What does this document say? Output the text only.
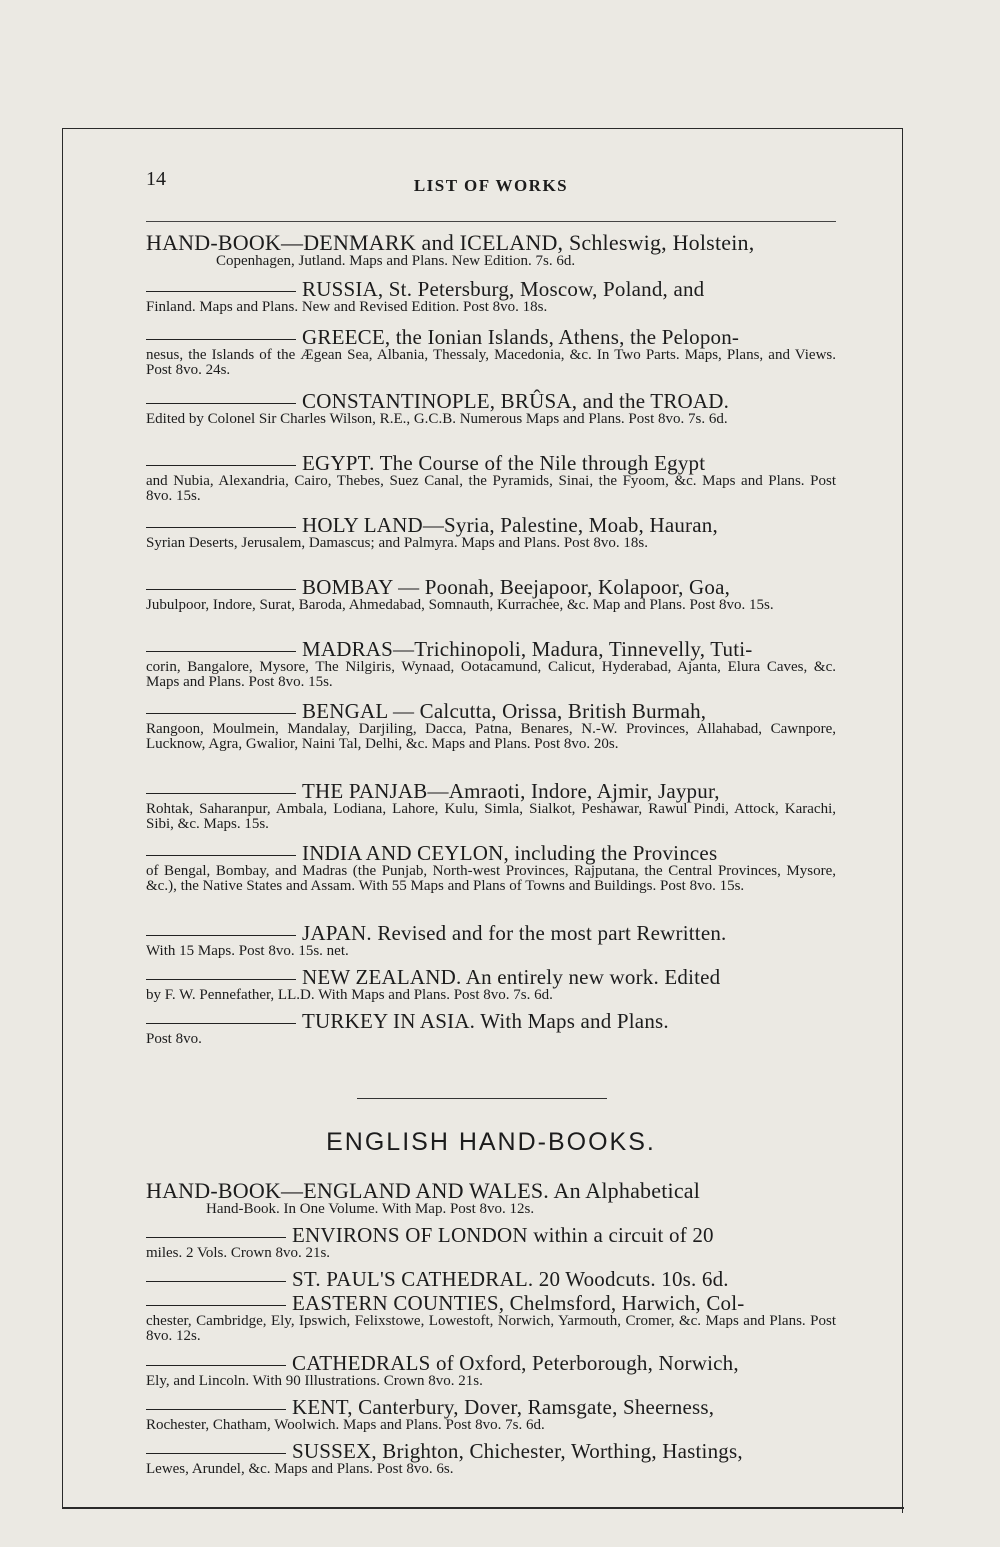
14	LIST OF WORKS
HAND-BOOK—DENMARK and ICELAND, Schleswig, Holstein,
Copenhagen, Jutland. Maps and Plans. New Edition. 7s. 6d.
RUSSIA, St. Petersburg, Moscow, Poland, and
Finland. Maps and Plans. New and Revised Edition. Post 8vo. 18s.
GREECE, the Ionian Islands, Athens, the Pelopon-
nesus, the Islands of the Ægean Sea, Albania, Thessaly, Macedonia, &c. In Two Parts. Maps, Plans, and Views. Post 8vo. 24s.
CONSTANTINOPLE, BRÛSA, and the TROAD.
Edited by Colonel Sir Charles Wilson, R.E., G.C.B. Numerous Maps and Plans. Post 8vo. 7s. 6d.
EGYPT. The Course of the Nile through Egypt
and Nubia, Alexandria, Cairo, Thebes, Suez Canal, the Pyramids, Sinai, the Fyoom, &c. Maps and Plans. Post 8vo. 15s.
HOLY LAND—Syria, Palestine, Moab, Hauran,
Syrian Deserts, Jerusalem, Damascus; and Palmyra. Maps and Plans. Post 8vo. 18s.
BOMBAY — Poonah, Beejapoor, Kolapoor, Goa,
Jubulpoor, Indore, Surat, Baroda, Ahmedabad, Somnauth, Kurrachee, &c. Map and Plans. Post 8vo. 15s.
MADRAS—Trichinopoli, Madura, Tinnevelly, Tuti-
corin, Bangalore, Mysore, The Nilgiris, Wynaad, Ootacamund, Calicut, Hyderabad, Ajanta, Elura Caves, &c. Maps and Plans. Post 8vo. 15s.
BENGAL — Calcutta, Orissa, British Burmah,
Rangoon, Moulmein, Mandalay, Darjiling, Dacca, Patna, Benares, N.-W. Provinces, Allahabad, Cawnpore, Lucknow, Agra, Gwalior, Naini Tal, Delhi, &c. Maps and Plans. Post 8vo. 20s.
THE PANJAB—Amraoti, Indore, Ajmir, Jaypur,
Rohtak, Saharanpur, Ambala, Lodiana, Lahore, Kulu, Simla, Sialkot, Peshawar, Rawul Pindi, Attock, Karachi, Sibi, &c. Maps. 15s.
INDIA AND CEYLON, including the Provinces
of Bengal, Bombay, and Madras (the Punjab, North-west Provinces, Rajputana, the Central Provinces, Mysore, &c.), the Native States and Assam. With 55 Maps and Plans of Towns and Buildings. Post 8vo. 15s.
JAPAN. Revised and for the most part Rewritten.
With 15 Maps. Post 8vo. 15s. net.
NEW ZEALAND. An entirely new work. Edited
by F. W. Pennefather, LL.D. With Maps and Plans. Post 8vo. 7s. 6d.
TURKEY IN ASIA. With Maps and Plans.
Post 8vo.
ENGLISH HAND-BOOKS.
HAND-BOOK—ENGLAND AND WALES. An Alphabetical
Hand-Book. In One Volume. With Map. Post 8vo. 12s.
ENVIRONS OF LONDON within a circuit of 20
miles. 2 Vols. Crown 8vo. 21s.
ST. PAUL'S CATHEDRAL. 20 Woodcuts. 10s. 6d.
EASTERN COUNTIES, Chelmsford, Harwich, Col-
chester, Cambridge, Ely, Ipswich, Felixstowe, Lowestoft, Norwich, Yarmouth, Cromer, &c. Maps and Plans. Post 8vo. 12s.
CATHEDRALS of Oxford, Peterborough, Norwich,
Ely, and Lincoln. With 90 Illustrations. Crown 8vo. 21s.
KENT, Canterbury, Dover, Ramsgate, Sheerness,
Rochester, Chatham, Woolwich. Maps and Plans. Post 8vo. 7s. 6d.
SUSSEX, Brighton, Chichester, Worthing, Hastings,
Lewes, Arundel, &c. Maps and Plans. Post 8vo. 6s.
